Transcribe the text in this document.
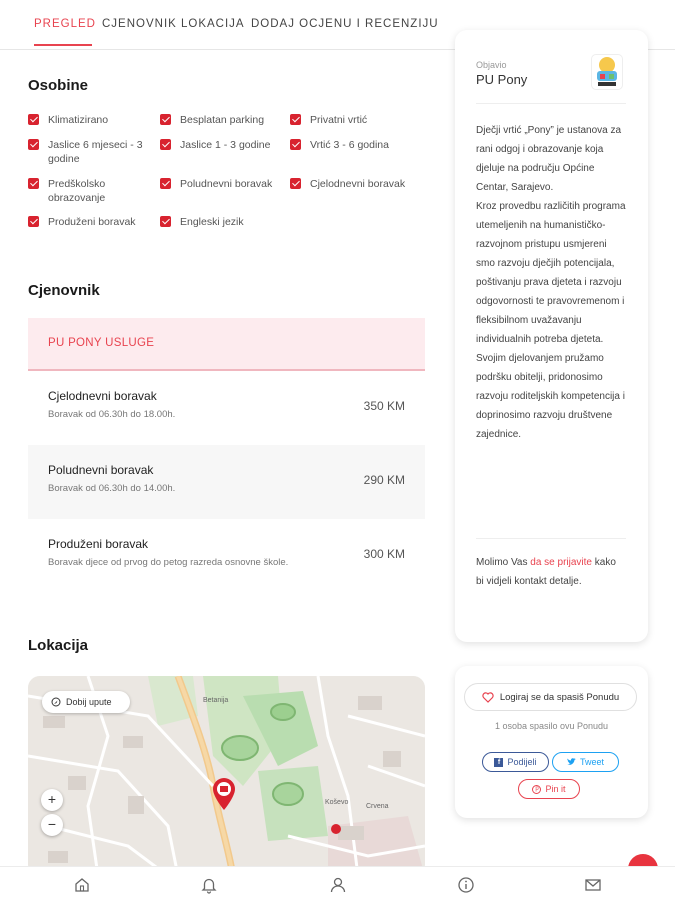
PREGLED CJENOVNIK LOKACIJA DODAJ OCJENU I RECENZIJU
Osobine
Klimatizirano	Besplatan parking	Privatni vrtić
Jaslice 6 mjeseci - 3 godine
Jaslice 1 - 3 godine	Vrtić 3 - 6 godina
Predškolsko obrazovanje
Poludnevni boravak	Cjelodnevni boravak
Produženi boravak	Engleski jezik
Cjenovnik
PU PONY USLUGE
Cjelodnevni boravak
Boravak od 06.30h do 18.00h.
350 KM
Poludnevni boravak
Boravak od 06.30h do 14.00h.
290 KM
Produženi boravak
Boravak djece od prvog do petog razreda osnovne škole.
300 KM
Lokacija
Betanija
Koševo
Crvena
Dobij upute
+
−
Objavio
PU Pony
Dječji vrtić „Pony” je ustanova za rani odgoj i obrazovanje koja djeluje na području Općine Centar, Sarajevo.
Kroz provedbu različitih programa utemeljenih na humanističko-razvojnom pristupu usmjereni smo razvoju dječjih potencijala, poštivanju prava djeteta i razvoju odgovornosti te pravovremenom i fleksibilnom uvažavanju individualnih potreba djeteta. Svojim djelovanjem pružamo podršku obitelji, pridonosimo razvoju roditeljskih kompetencija i doprinosimo razvoju društvene zajednice.
Molimo Vas da se prijavite kako bi vidjeli kontakt detalje.
Logiraj se da spasiš Ponudu
1 osoba spasilo ovu Ponudu
f Podijeli	Tweet
p Pin it
